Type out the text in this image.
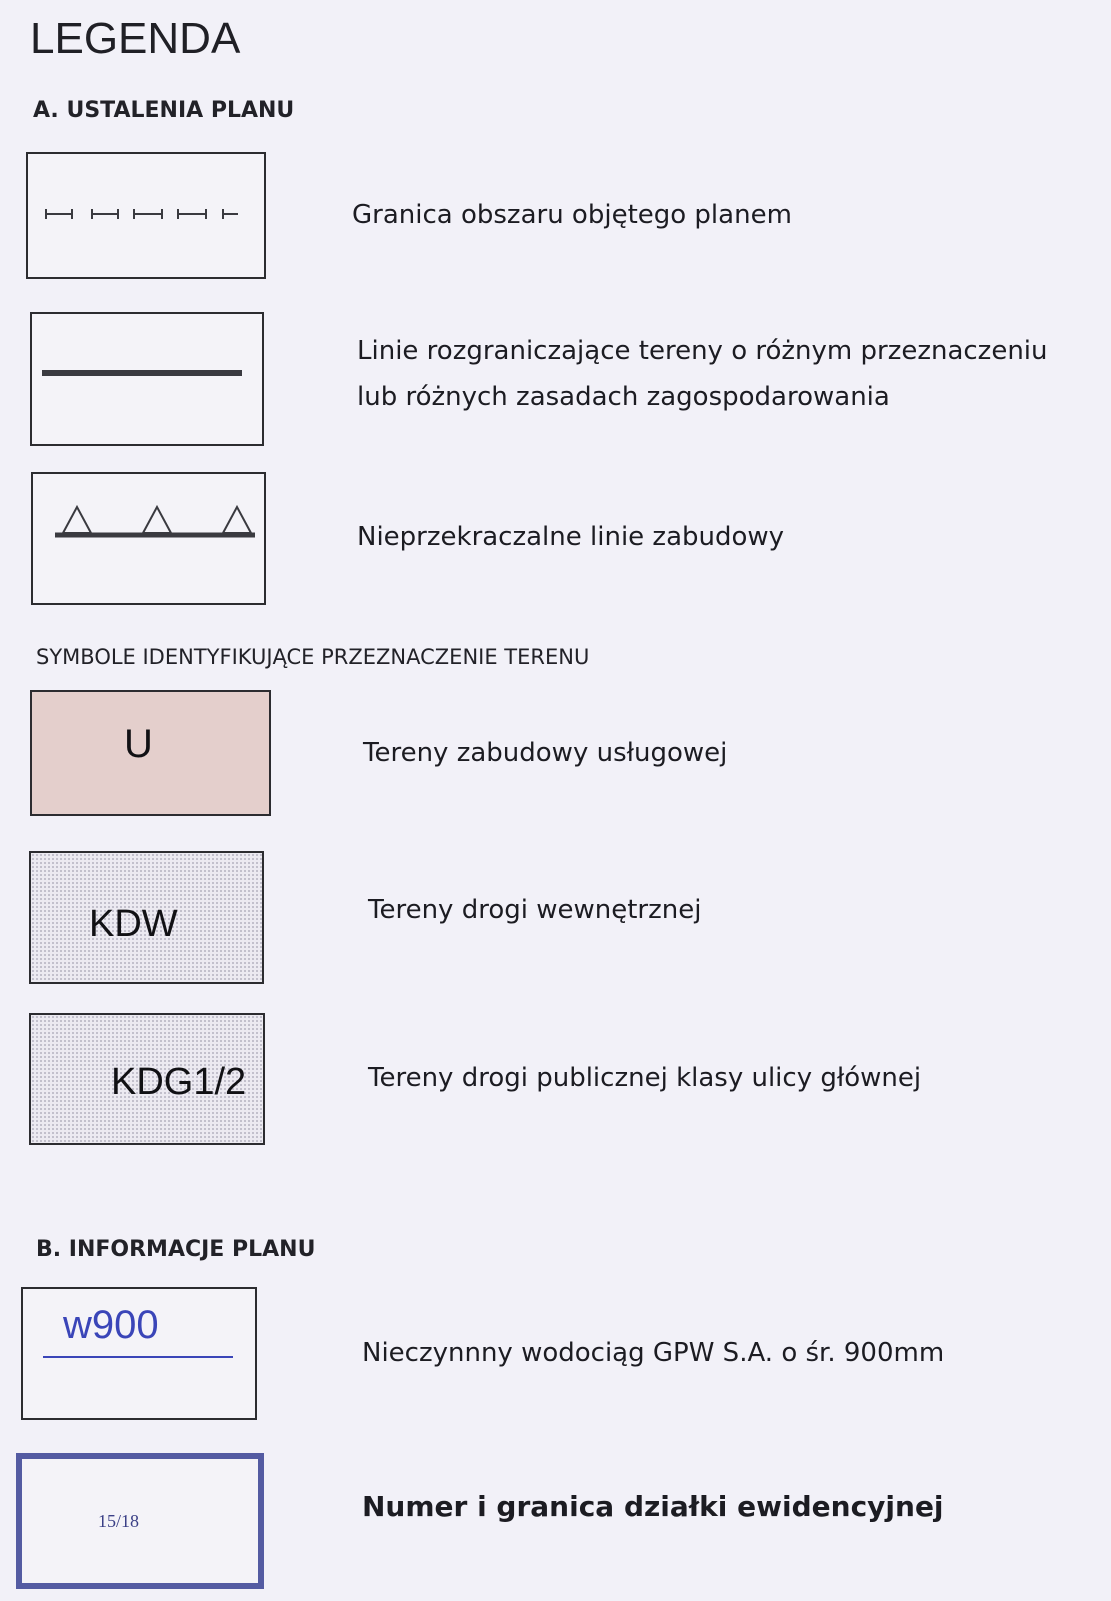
LEGENDA
A. USTALENIA PLANU
Granica obszaru objętego planem
Linie rozgraniczające tereny o różnym przeznaczeniu
lub różnych zasadach zagospodarowania
Nieprzekraczalne linie zabudowy
SYMBOLE IDENTYFIKUJĄCE PRZEZNACZENIE TERENU
U	Tereny zabudowy usługowej
KDW	Tereny drogi wewnętrznej
KDG1/2	Tereny drogi publicznej klasy ulicy głównej
B. INFORMACJE PLANU
w900
Nieczynnny wodociąg GPW S.A. o śr. 900mm
15/18	Numer i granica działki ewidencyjnej
